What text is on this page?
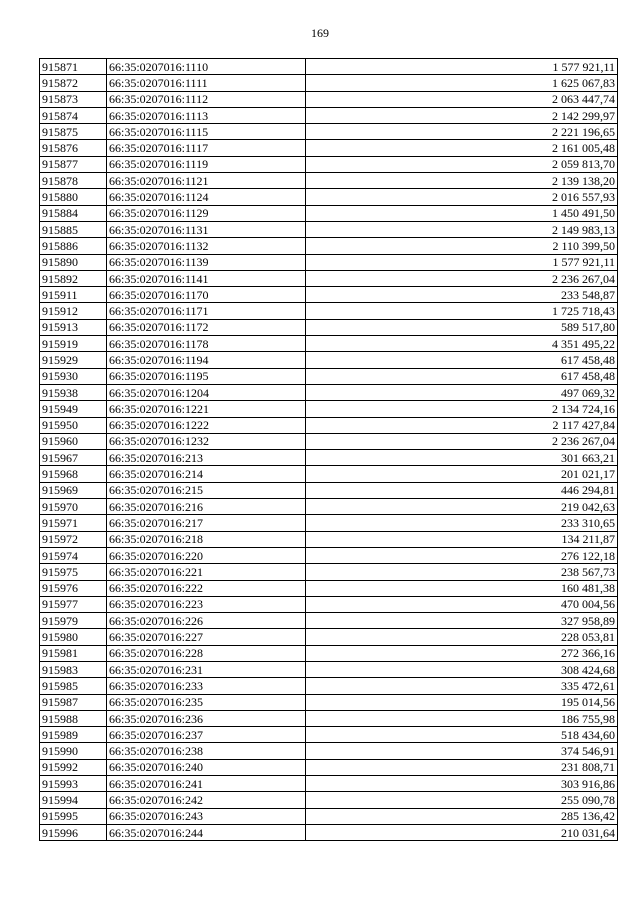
169
915871	66:35:0207016:1110	1 577 921,11
915872	66:35:0207016:1111	1 625 067,83
915873	66:35:0207016:1112	2 063 447,74
915874	66:35:0207016:1113	2 142 299,97
915875	66:35:0207016:1115	2 221 196,65
915876	66:35:0207016:1117	2 161 005,48
915877	66:35:0207016:1119	2 059 813,70
915878	66:35:0207016:1121	2 139 138,20
915880	66:35:0207016:1124	2 016 557,93
915884	66:35:0207016:1129	1 450 491,50
915885	66:35:0207016:1131	2 149 983,13
915886	66:35:0207016:1132	2 110 399,50
915890	66:35:0207016:1139	1 577 921,11
915892	66:35:0207016:1141	2 236 267,04
915911	66:35:0207016:1170	233 548,87
915912	66:35:0207016:1171	1 725 718,43
915913	66:35:0207016:1172	589 517,80
915919	66:35:0207016:1178	4 351 495,22
915929	66:35:0207016:1194	617 458,48
915930	66:35:0207016:1195	617 458,48
915938	66:35:0207016:1204	497 069,32
915949	66:35:0207016:1221	2 134 724,16
915950	66:35:0207016:1222	2 117 427,84
915960	66:35:0207016:1232	2 236 267,04
915967	66:35:0207016:213	301 663,21
915968	66:35:0207016:214	201 021,17
915969	66:35:0207016:215	446 294,81
915970	66:35:0207016:216	219 042,63
915971	66:35:0207016:217	233 310,65
915972	66:35:0207016:218	134 211,87
915974	66:35:0207016:220	276 122,18
915975	66:35:0207016:221	238 567,73
915976	66:35:0207016:222	160 481,38
915977	66:35:0207016:223	470 004,56
915979	66:35:0207016:226	327 958,89
915980	66:35:0207016:227	228 053,81
915981	66:35:0207016:228	272 366,16
915983	66:35:0207016:231	308 424,68
915985	66:35:0207016:233	335 472,61
915987	66:35:0207016:235	195 014,56
915988	66:35:0207016:236	186 755,98
915989	66:35:0207016:237	518 434,60
915990	66:35:0207016:238	374 546,91
915992	66:35:0207016:240	231 808,71
915993	66:35:0207016:241	303 916,86
915994	66:35:0207016:242	255 090,78
915995	66:35:0207016:243	285 136,42
915996	66:35:0207016:244	210 031,64
